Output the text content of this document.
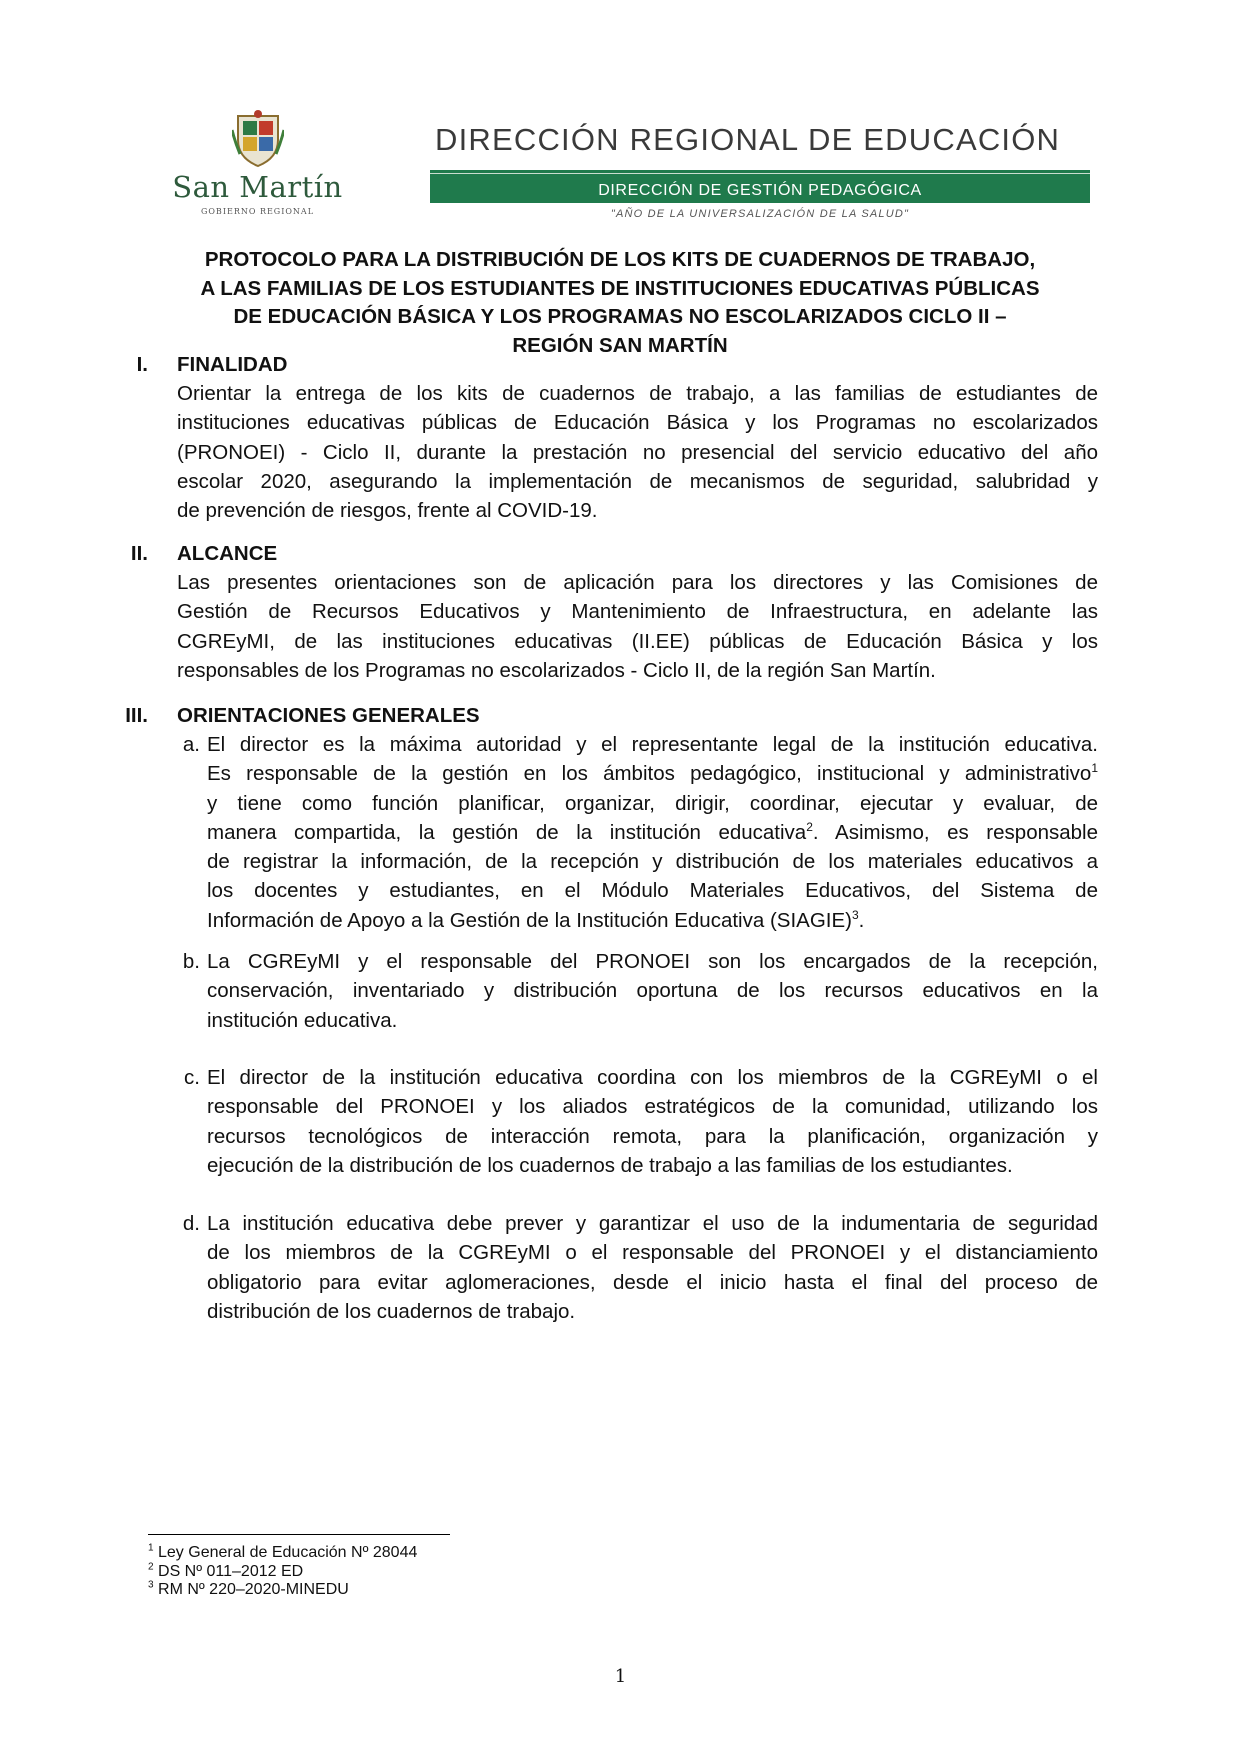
San Martín
GOBIERNO REGIONAL
DIRECCIÓN REGIONAL DE EDUCACIÓN
DIRECCIÓN DE GESTIÓN PEDAGÓGICA
"AÑO DE LA UNIVERSALIZACIÓN DE LA SALUD"
PROTOCOLO PARA LA DISTRIBUCIÓN DE LOS KITS DE CUADERNOS DE TRABAJO,
A LAS FAMILIAS DE LOS ESTUDIANTES DE INSTITUCIONES EDUCATIVAS PÚBLICAS
DE EDUCACIÓN BÁSICA Y LOS PROGRAMAS NO ESCOLARIZADOS CICLO II –
REGIÓN SAN MARTÍN
I. FINALIDAD

Orientar la entrega de los kits de cuadernos de trabajo, a las familias de estudiantes de
instituciones educativas públicas de Educación Básica y los Programas no escolarizados
(PRONOEI) - Ciclo II, durante la prestación no presencial del servicio educativo del año
escolar 2020, asegurando la implementación de mecanismos de seguridad, salubridad y
de prevención de riesgos, frente al COVID-19.

II. ALCANCE

Las presentes orientaciones son de aplicación para los directores y las Comisiones de
Gestión de Recursos Educativos y Mantenimiento de Infraestructura, en adelante las
CGREyMI, de las instituciones educativas (II.EE) públicas de Educación Básica y los
responsables de los Programas no escolarizados - Ciclo II, de la región San Martín.

III. ORIENTACIONES GENERALES
a. El director es la máxima autoridad y el representante legal de la institución educativa.
Es responsable de la gestión en los ámbitos pedagógico, institucional y administrativo$^1$
y tiene como función planificar, organizar, dirigir, coordinar, ejecutar y evaluar, de
manera compartida, la gestión de la institución educativa$^2$. Asimismo, es responsable
de registrar la información, de la recepción y distribución de los materiales educativos a
los docentes y estudiantes, en el Módulo Materiales Educativos, del Sistema de
Información de Apoyo a la Gestión de la Institución Educativa (SIAGIE)$^3$.

b. La CGREyMI y el responsable del PRONOEI son los encargados de la recepción,
conservación, inventariado y distribución oportuna de los recursos educativos en la
institución educativa.

c. El director de la institución educativa coordina con los miembros de la CGREyMI o el
responsable del PRONOEI y los aliados estratégicos de la comunidad, utilizando los
recursos tecnológicos de interacción remota, para la planificación, organización y
ejecución de la distribución de los cuadernos de trabajo a las familias de los estudiantes.

d. La institución educativa debe prever y garantizar el uso de la indumentaria de seguridad
de los miembros de la CGREyMI o el responsable del PRONOEI y el distanciamiento
obligatorio para evitar aglomeraciones, desde el inicio hasta el final del proceso de
distribución de los cuadernos de trabajo.

$^1$ Ley General de Educación Nº 28044
$^2$ DS Nº 011–2012 ED
$^3$ RM Nº 220–2020-MINEDU
1
